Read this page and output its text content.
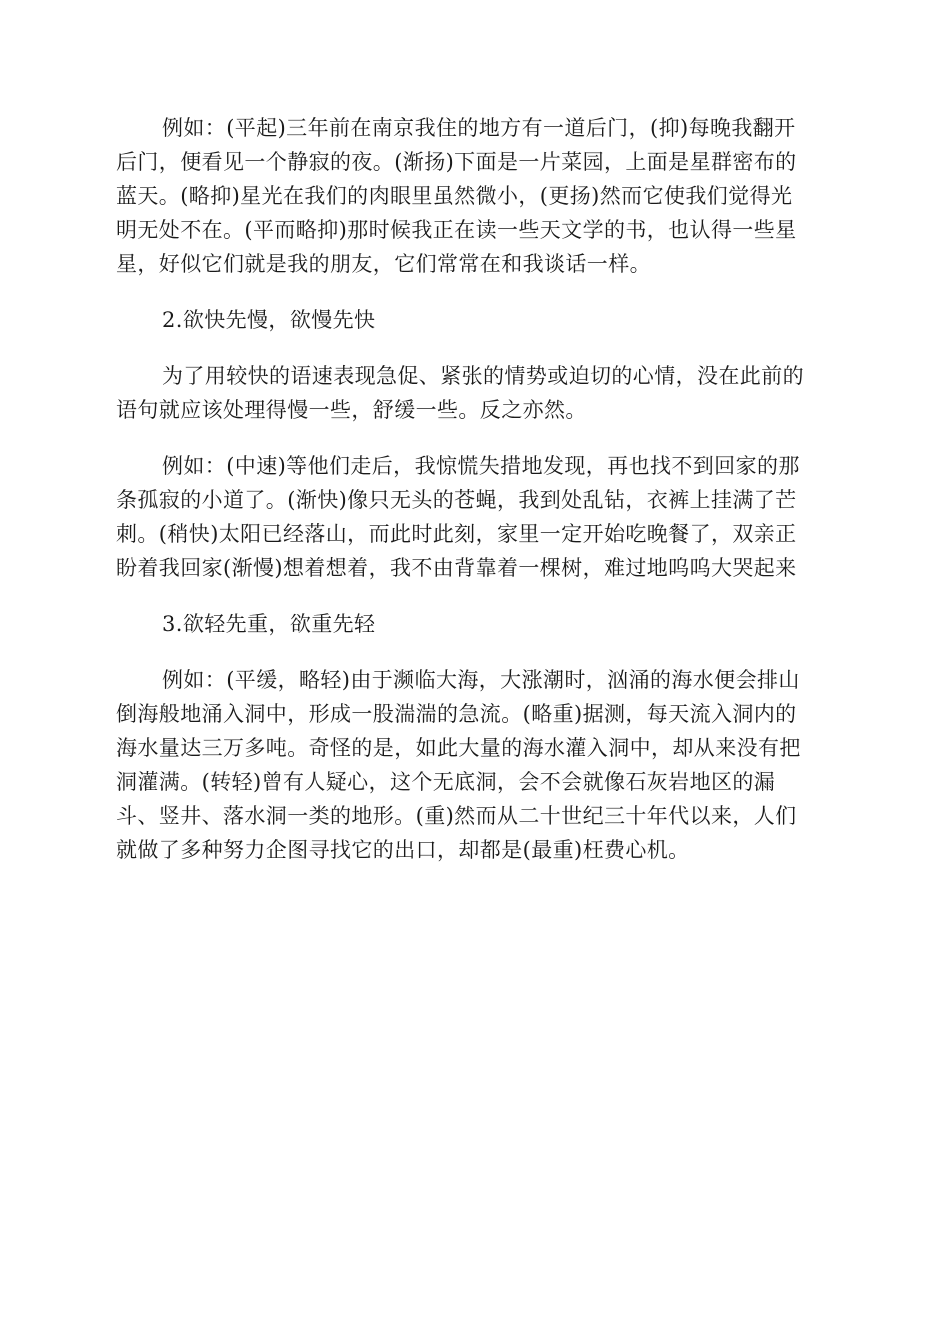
例如：(平起)三年前在南京我住的地方有一道后门，(抑)每晚我翻开
后门，便看见一个静寂的夜。(渐扬)下面是一片菜园，上面是星群密布的
蓝天。(略抑)星光在我们的肉眼里虽然微小，(更扬)然而它使我们觉得光
明无处不在。(平而略抑)那时候我正在读一些天文学的书，也认得一些星
星，好似它们就是我的朋友，它们常常在和我谈话一样。

2.欲快先慢，欲慢先快

为了用较快的语速表现急促、紧张的情势或迫切的心情，没在此前的
语句就应该处理得慢一些，舒缓一些。反之亦然。

例如：(中速)等他们走后，我惊慌失措地发现，再也找不到回家的那
条孤寂的小道了。(渐快)像只无头的苍蝇，我到处乱钻，衣裤上挂满了芒
刺。(稍快)太阳已经落山，而此时此刻，家里一定开始吃晚餐了，双亲正
盼着我回家(渐慢)想着想着，我不由背靠着一棵树，难过地呜呜大哭起来

3.欲轻先重，欲重先轻

例如：(平缓，略轻)由于濒临大海，大涨潮时，汹涌的海水便会排山
倒海般地涌入洞中，形成一股湍湍的急流。(略重)据测，每天流入洞内的
海水量达三万多吨。奇怪的是，如此大量的海水灌入洞中，却从来没有把
洞灌满。(转轻)曾有人疑心，这个无底洞，会不会就像石灰岩地区的漏
斗、竖井、落水洞一类的地形。(重)然而从二十世纪三十年代以来，人们
就做了多种努力企图寻找它的出口，却都是(最重)枉费心机。
